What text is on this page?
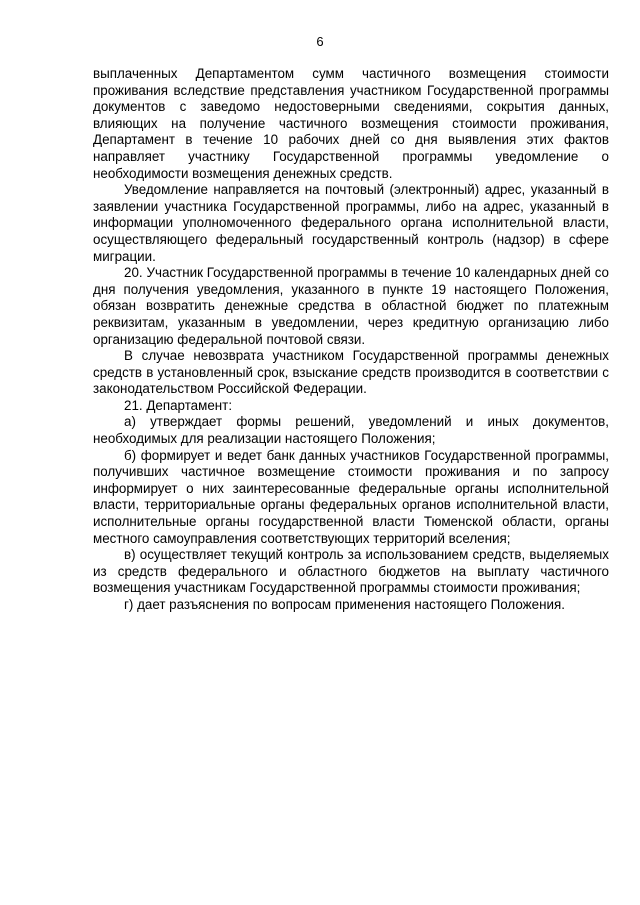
6

выплаченных Департаментом сумм частичного возмещения стоимости проживания вследствие представления участником Государственной программы документов с заведомо недостоверными сведениями, сокрытия данных, влияющих на получение частичного возмещения стоимости проживания, Департамент в течение 10 рабочих дней со дня выявления этих фактов направляет участнику Государственной программы уведомление о необходимости возмещения денежных средств.

Уведомление направляется на почтовый (электронный) адрес, указанный в заявлении участника Государственной программы, либо на адрес, указанный в информации уполномоченного федерального органа исполнительной власти, осуществляющего федеральный государственный контроль (надзор) в сфере миграции.

20. Участник Государственной программы в течение 10 календарных дней со дня получения уведомления, указанного в пункте 19 настоящего Положения, обязан возвратить денежные средства в областной бюджет по платежным реквизитам, указанным в уведомлении, через кредитную организацию либо организацию федеральной почтовой связи.

В случае невозврата участником Государственной программы денежных средств в установленный срок, взыскание средств производится в соответствии с законодательством Российской Федерации.

21. Департамент:

а) утверждает формы решений, уведомлений и иных документов, необходимых для реализации настоящего Положения;

б) формирует и ведет банк данных участников Государственной программы, получивших частичное возмещение стоимости проживания и по запросу информирует о них заинтересованные федеральные органы исполнительной власти, территориальные органы федеральных органов исполнительной власти, исполнительные органы государственной власти Тюменской области, органы местного самоуправления соответствующих территорий вселения;

в) осуществляет текущий контроль за использованием средств, выделяемых из средств федерального и областного бюджетов на выплату частичного возмещения участникам Государственной программы стоимости проживания;

г) дает разъяснения по вопросам применения настоящего Положения.
